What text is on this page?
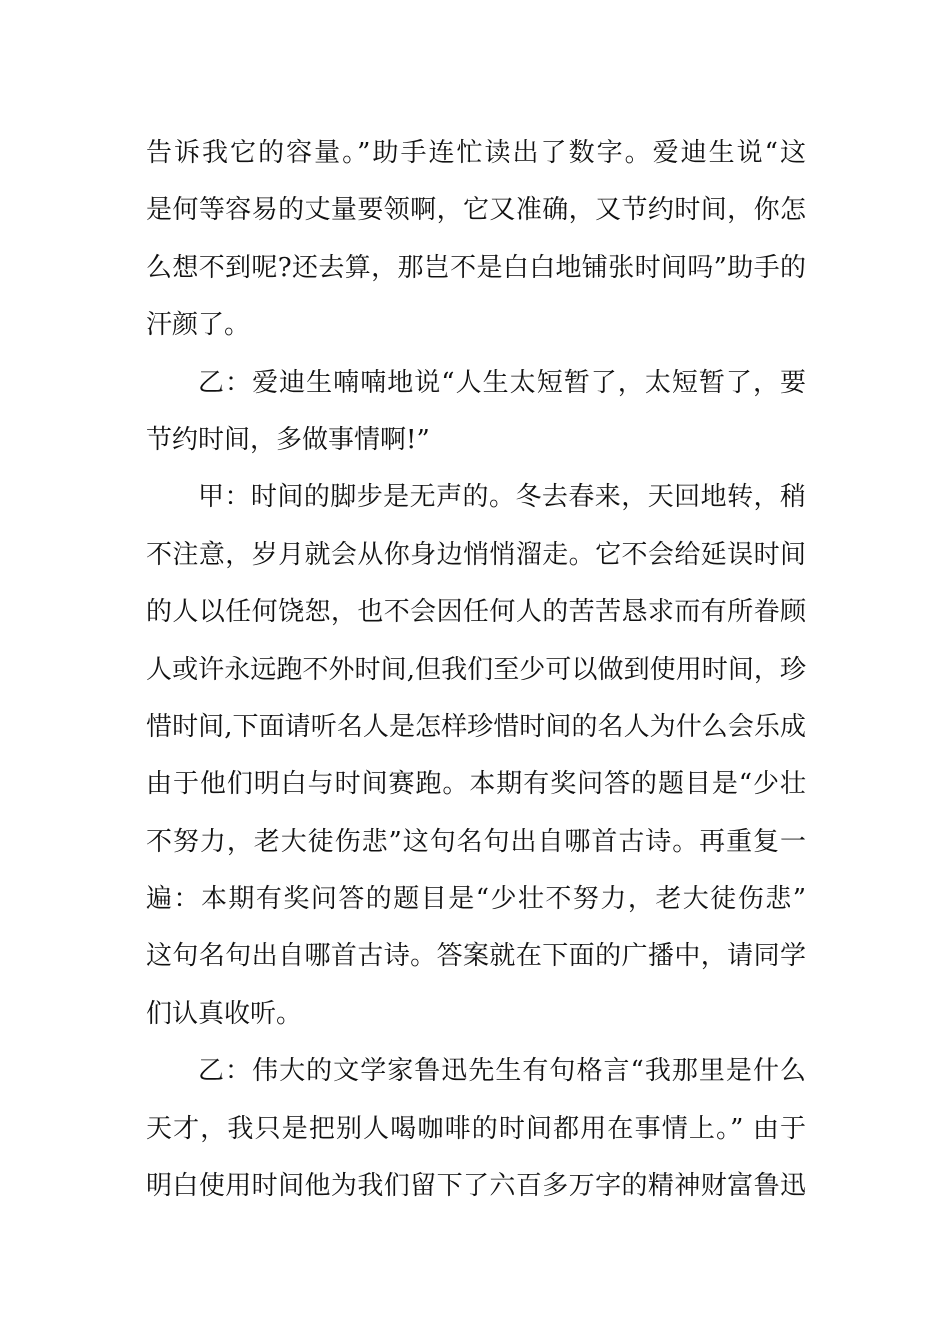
告诉我它的容量。”助手连忙读出了数字。爱迪生说“这
是何等容易的丈量要领啊，它又准确，又节约时间，你怎
么想不到呢?还去算，那岂不是白白地铺张时间吗”助手的
汗颜了。
乙：爱迪生喃喃地说“人生太短暂了，太短暂了，要
节约时间，多做事情啊!”
甲：时间的脚步是无声的。冬去春来，天回地转，稍
不注意，岁月就会从你身边悄悄溜走。它不会给延误时间
的人以任何饶恕，也不会因任何人的苦苦恳求而有所眷顾
人或许永远跑不外时间,但我们至少可以做到使用时间，珍
惜时间,下面请听名人是怎样珍惜时间的名人为什么会乐成
由于他们明白与时间赛跑。本期有奖问答的题目是“少壮
不努力，老大徒伤悲”这句名句出自哪首古诗。再重复一
遍：本期有奖问答的题目是“少壮不努力，老大徒伤悲”
这句名句出自哪首古诗。答案就在下面的广播中，请同学
们认真收听。
乙：伟大的文学家鲁迅先生有句格言“我那里是什么
天才，我只是把别人喝咖啡的时间都用在事情上。” 由于
明白使用时间他为我们留下了六百多万字的精神财富鲁迅
